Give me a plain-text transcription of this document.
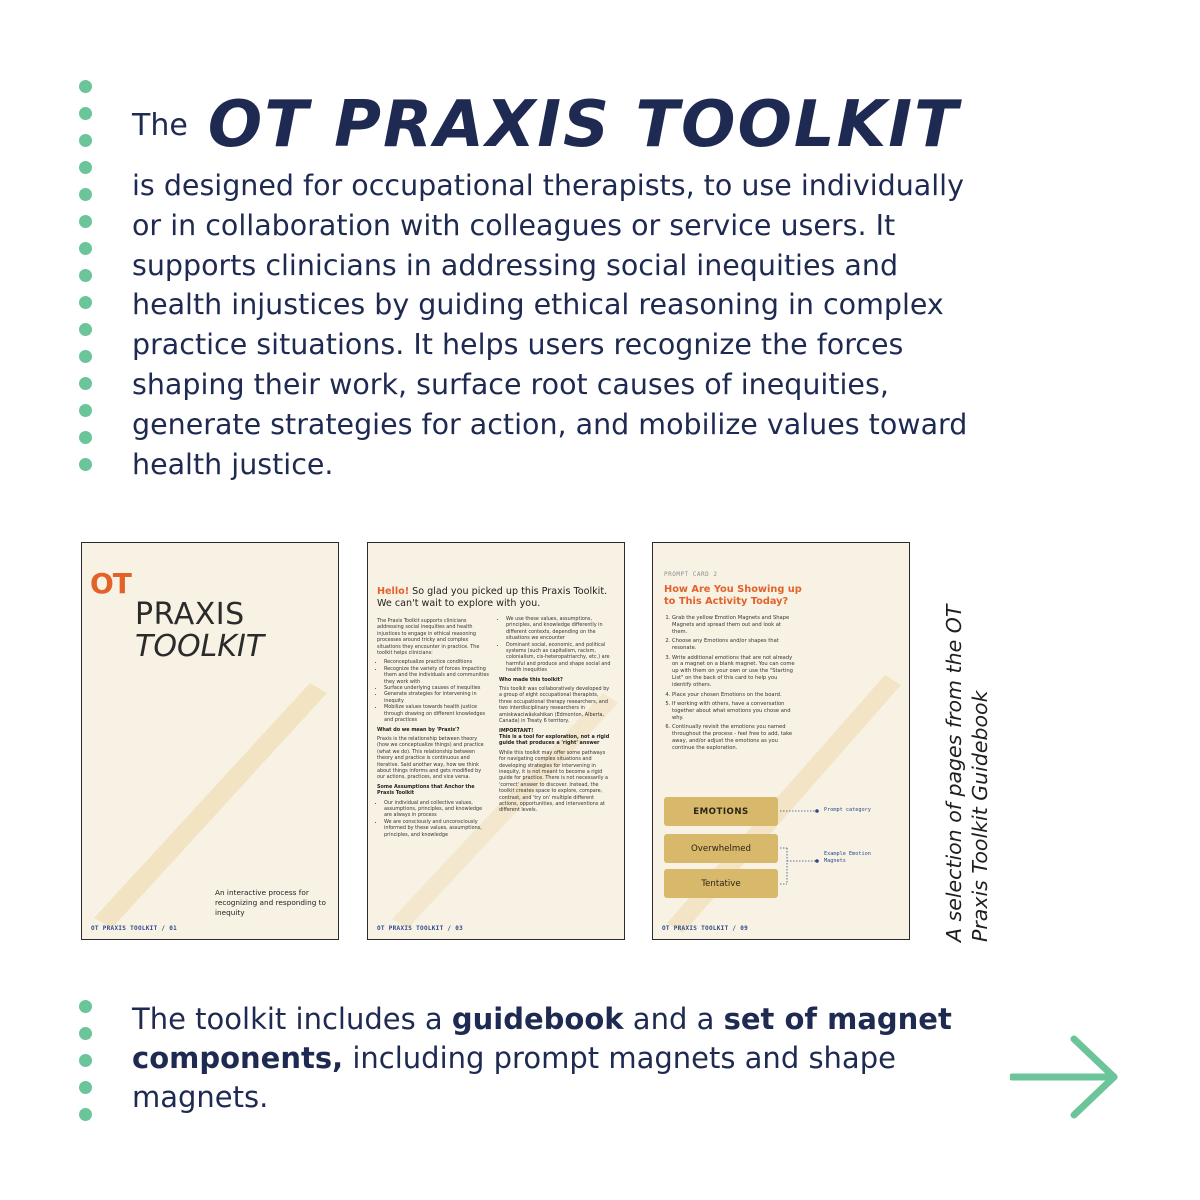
The OT PRAXIS TOOLKIT

is designed for occupational therapists, to use individually or in collaboration with colleagues or service users. It supports clinicians in addressing social inequities and health injustices by guiding ethical reasoning in complex practice situations. It helps users recognize the forces shaping their work, surface root causes of inequities, generate strategies for action, and mobilize values toward health justice.

OT
PRAXIS
TOOLKIT
An interactive process for recognizing and responding to inequity
OT PRAXIS TOOLKIT / 01
Hello! So glad you picked up this Praxis Toolkit. We can't wait to explore with you.

The Praxis Toolkit supports clinicians addressing social inequities and health injustices to engage in ethical reasoning processes around tricky and complex situations they encounter in practice. The toolkit helps clinicians:

• Reconceptualize practice conditions
• Recognize the variety of forces impacting them and the individuals and communities they work with
• Surface underlying causes of inequities
• Generate strategies for intervening in inequity
• Mobilize values towards health justice through drawing on different knowledges and practices

What do we mean by 'Praxis'?

Praxis is the relationship between theory (how we conceptualize things) and practice (what we do). This relationship between theory and practice is continuous and iterative. Said another way, how we think about things informs and gets modified by our actions, practices, and vice versa.

Some Assumptions that Anchor the Praxis Toolkit

• Our individual and collective values, assumptions, principles, and knowledge are always in process
• We are consciously and unconsciously informed by these values, assumptions, principles, and knowledge
• We use these values, assumptions, principles, and knowledge differently in different contexts, depending on the situations we encounter
• Dominant social, economic, and political systems (such as capitalism, racism, colonialism, cis-heteropatriarchy, etc.) are harmful and produce and shape social and health inequities

Who made this toolkit?

This toolkit was collaboratively developed by a group of eight occupational therapists, three occupational therapy researchers, and two interdisciplinary researchers in amiskwaciwâskahikan (Edmonton, Alberta, Canada) in Treaty 6 territory.

IMPORTANT!

This is a tool for exploration, not a rigid guide that produces a 'right' answer

While this toolkit may offer some pathways for navigating complex situations and developing strategies for intervening in inequity, it is not meant to become a rigid guide for practice. There is not necessarily a 'correct' answer to discover. Instead, the toolkit creates space to explore, compare, contrast, and 'try on' multiple different actions, opportunities, and interventions at different levels.

OT PRAXIS TOOLKIT / 03
PROMPT CARD 2
How Are You Showing up to This Activity Today?
1. Grab the yellow Emotion Magnets and Shape Magnets and spread them out and look at them.
2. Choose any Emotions and/or shapes that resonate.
3. Write additional emotions that are not already on a magnet on a blank magnet. You can come up with them on your own or use the "Starting List" on the back of this card to help you identify others.
4. Place your chosen Emotions on the board.
5. If working with others, have a conversation together about what emotions you chose and why.
6. Continually revisit the emotions you named throughout the process - feel free to add, take away, and/or adjust the emotions as you continue the exploration.
EMOTIONS
Overwhelmed
Tentative
Prompt category
Example Emotion Magnets
OT PRAXIS TOOLKIT / 09	A selection of pages from the OT Praxis Toolkit Guidebook

The toolkit includes a guidebook and a set of magnet components, including prompt magnets and shape magnets.
